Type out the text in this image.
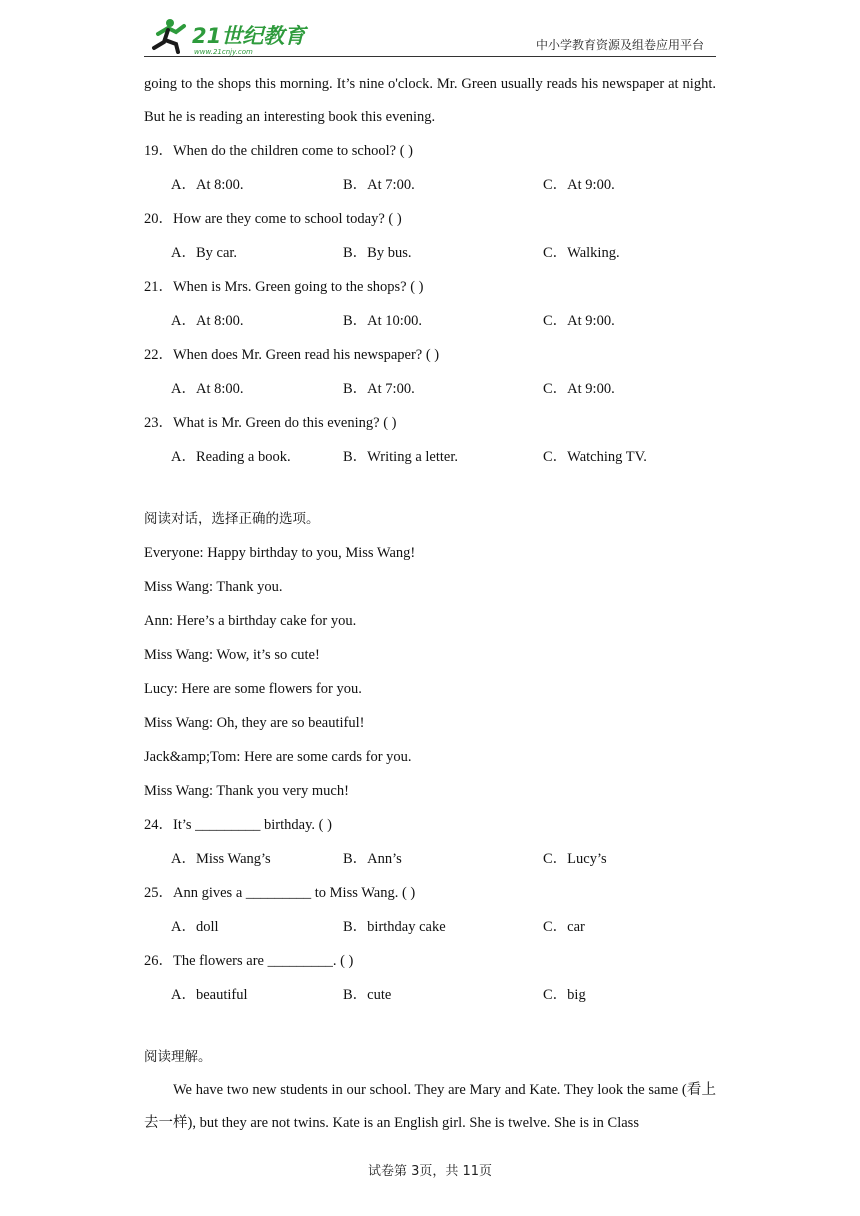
21世纪教育
www.21cnjy.com	中小学教育资源及组卷应用平台

going to the shops this morning. It’s nine o'clock. Mr. Green usually reads his newspaper at night. But he is reading an interesting book this evening.

19．When do the children come to school? ( )

A．At 8:00.	B．At 7:00.	C．At 9:00.

20．How are they come to school today? ( )

A．By car.	B．By bus.	C．Walking.

21．When is Mrs. Green going to the shops? ( )

A．At 8:00.	B．At 10:00.	C．At 9:00.

22．When does Mr. Green read his newspaper? ( )

A．At 8:00.	B．At 7:00.	C．At 9:00.

23．What is Mr. Green do this evening? ( )

A．Reading a book.	B．Writing a letter.	C．Watching TV.

阅读对话，选择正确的选项。

Everyone: Happy birthday to you, Miss Wang!

Miss Wang: Thank you.

Ann: Here’s a birthday cake for you.

Miss Wang: Wow, it’s so cute!

Lucy: Here are some flowers for you.

Miss Wang: Oh, they are so beautiful!

Jack&amp;Tom: Here are some cards for you.

Miss Wang: Thank you very much!

24．It’s _________ birthday. ( )

A．Miss Wang’s	B．Ann’s	C．Lucy’s

25．Ann gives a _________ to Miss Wang. ( )

A．doll	B．birthday cake	C．car

26．The flowers are _________. ( )

A．beautiful	B．cute	C．big

阅读理解。

We have two new students in our school. They are Mary and Kate. They look the same (看上去一样), but they are not twins. Kate is an English girl. She is twelve. She is in Class

试卷第 3页，共 11页
